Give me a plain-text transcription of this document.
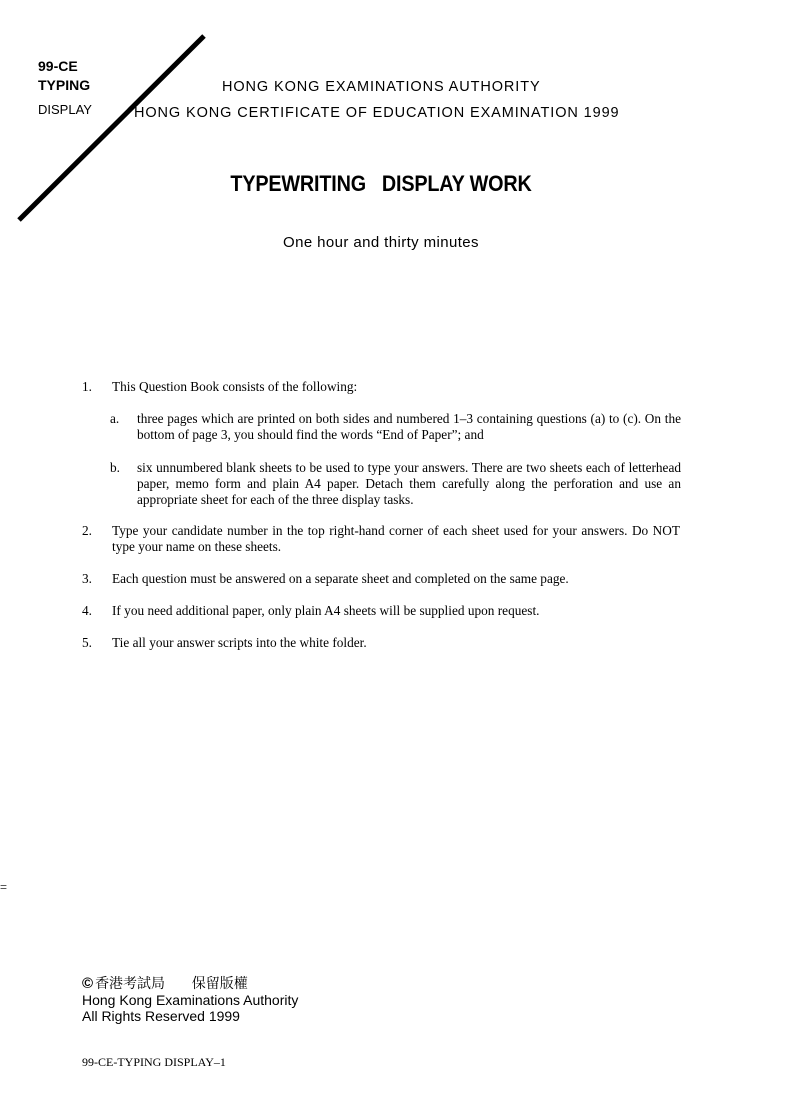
99-CE
TYPING
DISPLAY
HONG KONG EXAMINATIONS AUTHORITY
HONG KONG CERTIFICATE OF EDUCATION EXAMINATION 1999
TYPEWRITING   DISPLAY WORK
One hour and thirty minutes
1.	This Question Book consists of the following:
a.	three pages which are printed on both sides and numbered 1–3 containing questions (a) to (c). On the bottom of page 3, you should find the words “End of Paper”; and
b.	six unnumbered blank sheets to be used to type your answers. There are two sheets each of letterhead paper, memo form and plain A4 paper. Detach them carefully along the perforation and use an appropriate sheet for each of the three display tasks.
2.	Type your candidate number in the top right-hand corner of each sheet used for your answers. Do NOT type your name on these sheets.
3.	Each question must be answered on a separate sheet and completed on the same page.
4.	If you need additional paper, only plain A4 sheets will be supplied upon request.
5.	Tie all your answer scripts into the white folder.
=
© 香港考試局      保留版權
Hong Kong Examinations Authority
All Rights Reserved 1999
99-CE-TYPING DISPLAY–1
